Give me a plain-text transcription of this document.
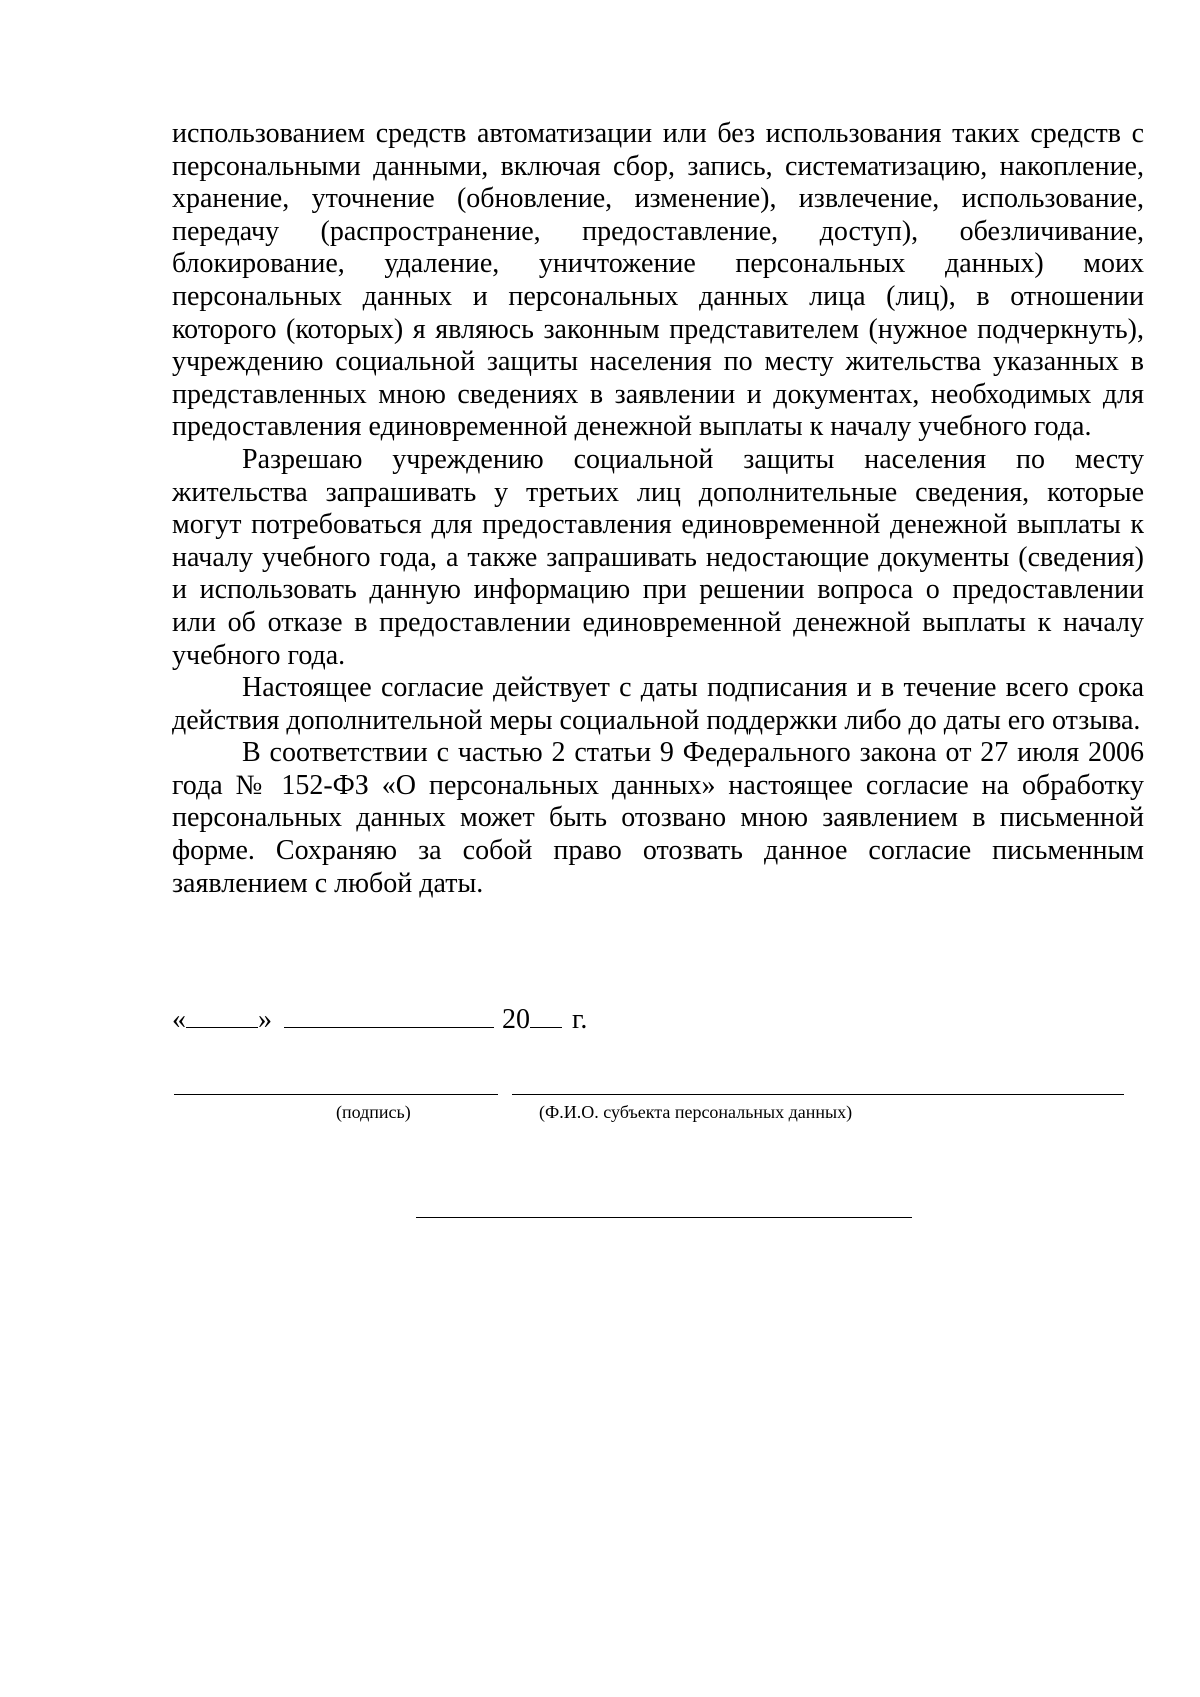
использованием средств автоматизации или без использования таких средств с персональными данными, включая сбор, запись, систематизацию, накопление, хранение, уточнение (обновление, изменение), извлечение, использование, передачу (распространение, предоставление, доступ), обезличивание, блокирование, удаление, уничтожение персональных данных) моих персональных данных и персональных данных лица (лиц), в отношении которого (которых) я являюсь законным представителем (нужное подчеркнуть), учреждению социальной защиты населения по месту жительства указанных в представленных мною сведениях в заявлении и документах, необходимых для предоставления единовременной денежной выплаты к началу учебного года.

Разрешаю учреждению социальной защиты населения по месту жительства запрашивать у третьих лиц дополнительные сведения, которые могут потребоваться для предоставления единовременной денежной выплаты к началу учебного года, а также запрашивать недостающие документы (сведения) и использовать данную информацию при решении вопроса о предоставлении или об отказе в предоставлении единовременной денежной выплаты к началу учебного года.

Настоящее согласие действует с даты подписания и в течение всего срока действия дополнительной меры социальной поддержки либо до даты его отзыва.

В соответствии с частью 2 статьи 9 Федерального закона от 27 июля 2006 года № 152-ФЗ «О персональных данных» настоящее согласие на обработку персональных данных может быть отозвано мною заявлением в письменной форме. Сохраняю за собой право отозвать данное согласие письменным заявлением с любой даты.

«	»	20 г.
(подпись)	(Ф.И.О. субъекта персональных данных)
